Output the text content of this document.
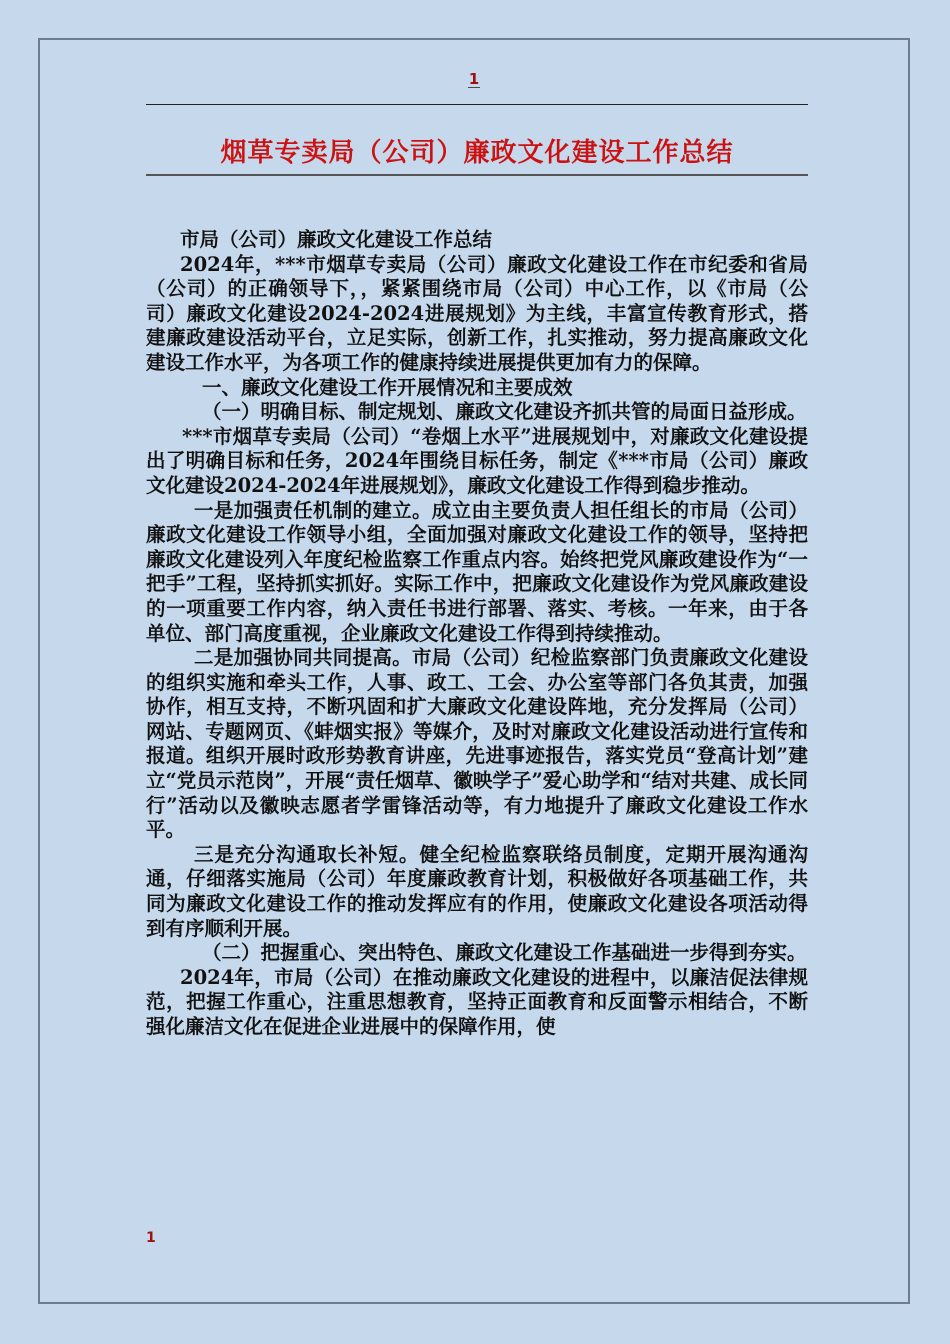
1
烟草专卖局（公司）廉政文化建设工作总结

市局（公司）廉政文化建设工作总结

2024年，***市烟草专卖局（公司）廉政文化建设工作在市纪委和省局（公司）的正确领导下，，紧紧围绕市局（公司）中心工作，以《市局（公司）廉政文化建设2024-2024进展规划》为主线，丰富宣传教育形式，搭建廉政建设活动平台，立足实际，创新工作，扎实推动，努力提高廉政文化建设工作水平，为各项工作的健康持续进展提供更加有力的保障。

一、廉政文化建设工作开展情况和主要成效

（一）明确目标、制定规划、廉政文化建设齐抓共管的局面日益形成。

***市烟草专卖局（公司）“卷烟上水平”进展规划中，对廉政文化建设提出了明确目标和任务，2024年围绕目标任务，制定《***市局（公司）廉政文化建设2024-2024年进展规划》，廉政文化建设工作得到稳步推动。

一是加强责任机制的建立。成立由主要负责人担任组长的市局（公司）廉政文化建设工作领导小组，全面加强对廉政文化建设工作的领导，坚持把廉政文化建设列入年度纪检监察工作重点内容。始终把党风廉政建设作为“一把手”工程，坚持抓实抓好。实际工作中，把廉政文化建设作为党风廉政建设的一项重要工作内容，纳入责任书进行部署、落实、考核。一年来，由于各单位、部门高度重视，企业廉政文化建设工作得到持续推动。

二是加强协同共同提高。市局（公司）纪检监察部门负责廉政文化建设的组织实施和牵头工作，人事、政工、工会、办公室等部门各负其责，加强协作，相互支持，不断巩固和扩大廉政文化建设阵地，充分发挥局（公司）网站、专题网页、《蚌烟实报》等媒介，及时对廉政文化建设活动进行宣传和报道。组织开展时政形势教育讲座，先进事迹报告，落实党员“登高计划”建立“党员示范岗”，开展“责任烟草、徽映学子”爱心助学和“结对共建、成长同行”活动以及徽映志愿者学雷锋活动等，有力地提升了廉政文化建设工作水平。

三是充分沟通取长补短。健全纪检监察联络员制度，定期开展沟通沟通，仔细落实施局（公司）年度廉政教育计划，积极做好各项基础工作，共同为廉政文化建设工作的推动发挥应有的作用，使廉政文化建设各项活动得到有序顺利开展。

（二）把握重心、突出特色、廉政文化建设工作基础进一步得到夯实。

2024年，市局（公司）在推动廉政文化建设的进程中，以廉洁促法律规范，把握工作重心，注重思想教育，坚持正面教育和反面警示相结合，不断强化廉洁文化在促进企业进展中的保障作用，使

1
